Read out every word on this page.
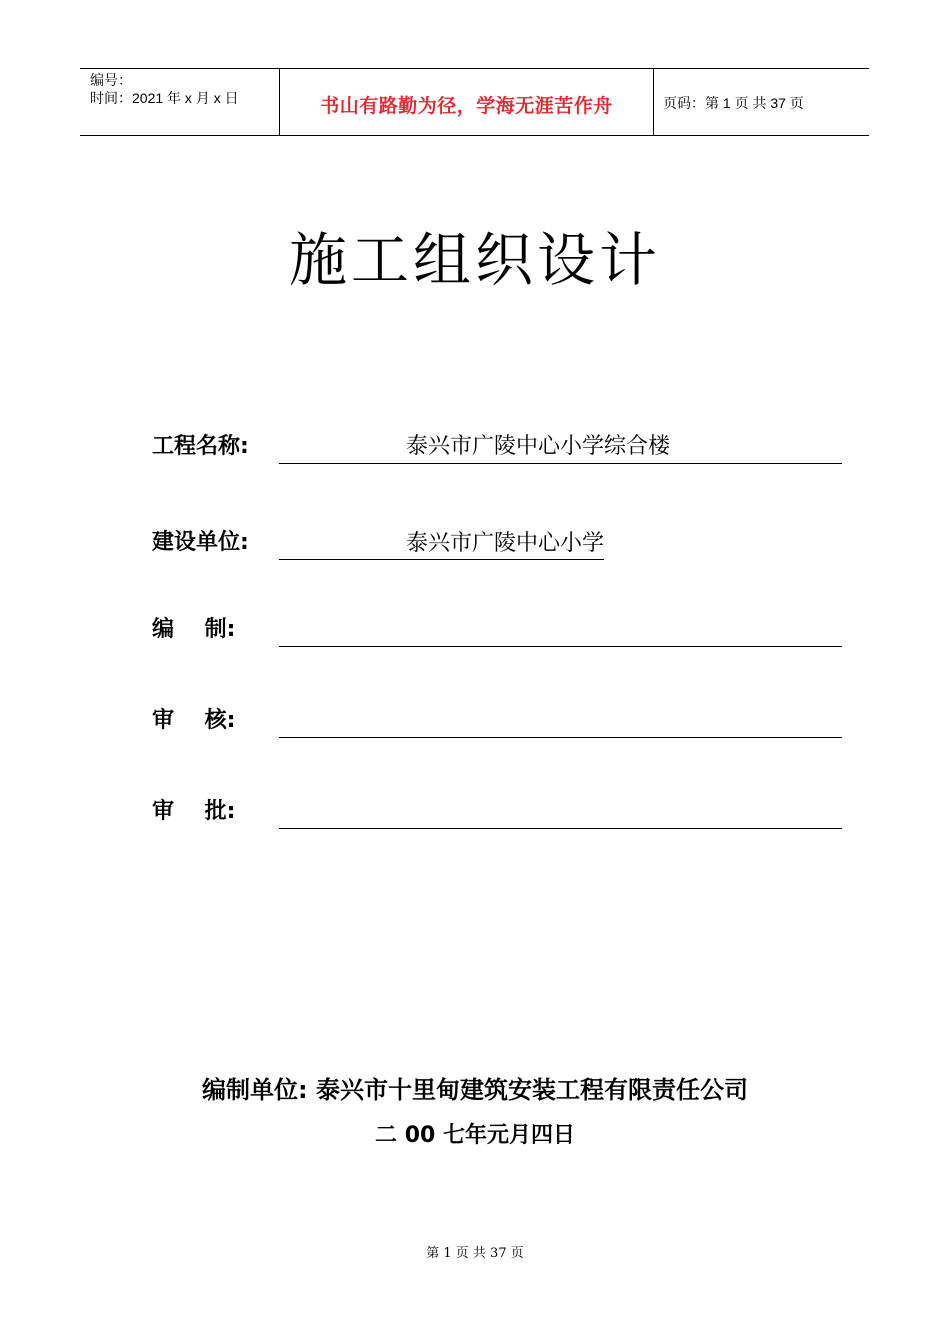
编号：
时间：2021 年 x 月 x 日	书山有路勤为径，学海无涯苦作舟	页码：第 1 页 共 37 页
施工组织设计
工程名称:	泰兴市广陵中心小学综合楼
建设单位:	泰兴市广陵中心小学
编    制:
审    核:
审    批:
编制单位: 泰兴市十里甸建筑安装工程有限责任公司
二 00 七年元月四日
第 1 页 共 37 页
